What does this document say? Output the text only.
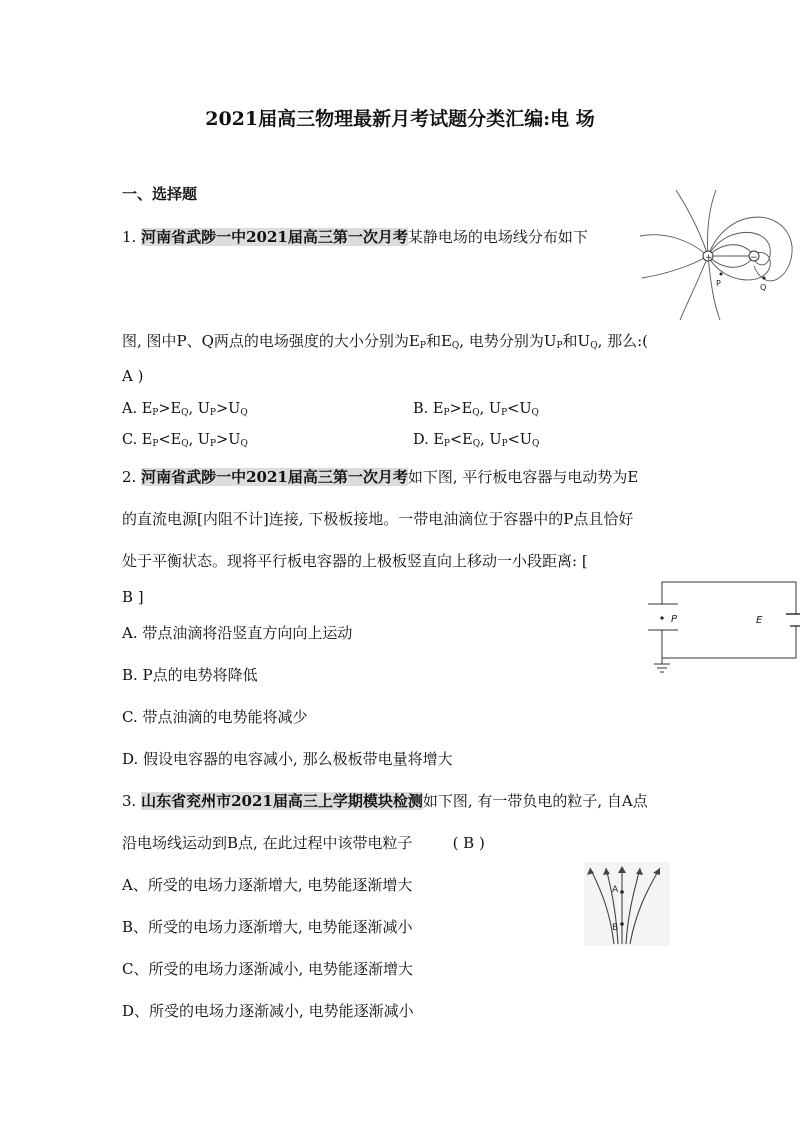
2021届高三物理最新月考试题分类汇编:电 场
一、选择题
1. 河南省武陟一中2021届高三第一次月考某静电场的电场线分布如下
+	−
P	Q
图, 图中P、Q两点的电场强度的大小分别为$E_P$和$E_Q$, 电势分别为$U_P$和$U_Q$, 那么:(
A )
A. $E_P>E_Q$, $U_P>U_Q$	B. $E_P>E_Q$, $U_P<U_Q$
C. $E_P<E_Q$, $U_P>U_Q$	D. $E_P<E_Q$, $U_P<U_Q$
2. 河南省武陟一中2021届高三第一次月考如下图, 平行板电容器与电动势为E
的直流电源[内阻不计]连接, 下极板接地。一带电油滴位于容器中的P点且恰好
处于平衡状态。现将平行板电容器的上极板竖直向上移动一小段距离: [
B ]
P	E
A. 带点油滴将沿竖直方向向上运动
B. P点的电势将降低
C. 带点油滴的电势能将减少
D. 假设电容器的电容减小, 那么极板带电量将增大
3. 山东省兖州市2021届高三上学期模块检测如下图, 有一带负电的粒子, 自A点
沿电场线运动到B点, 在此过程中该带电粒子	( B )
A
B
A、所受的电场力逐渐增大, 电势能逐渐增大
B、所受的电场力逐渐增大, 电势能逐渐减小
C、所受的电场力逐渐减小, 电势能逐渐增大
D、所受的电场力逐渐减小, 电势能逐渐减小
